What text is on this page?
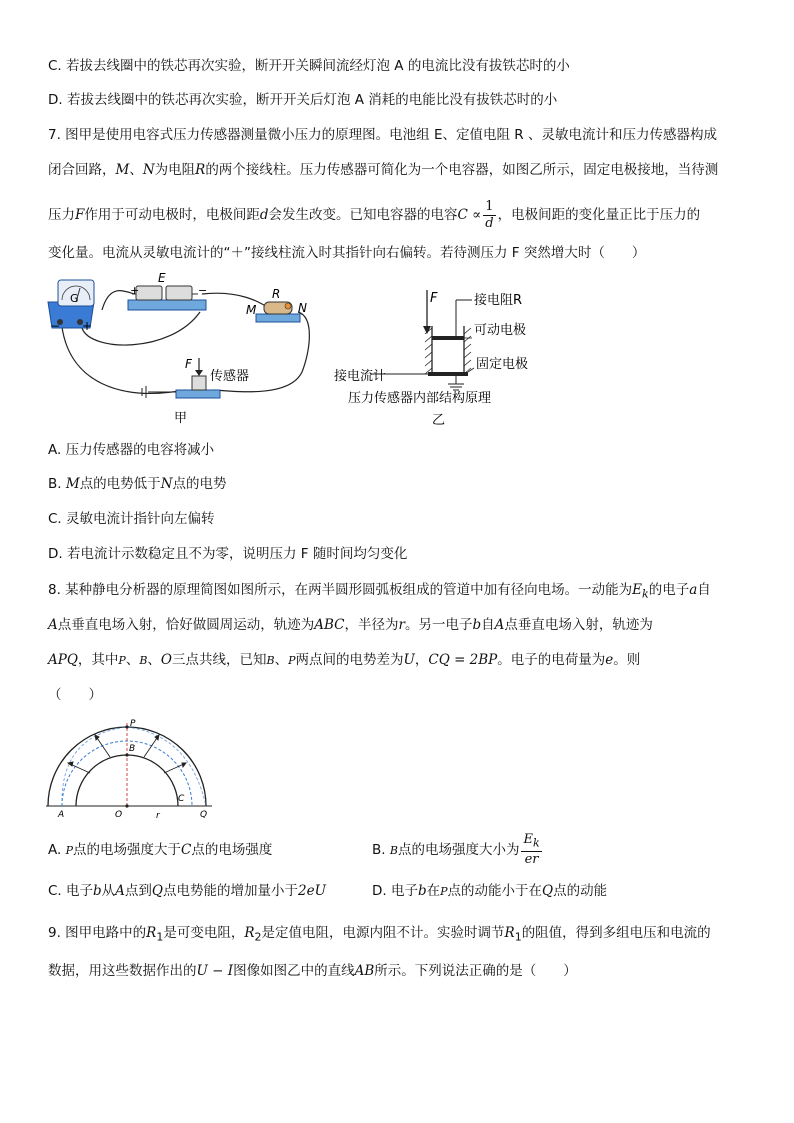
C. 若拔去线圈中的铁芯再次实验，断开开关瞬间流经灯泡 A 的电流比没有拔铁芯时的小
D. 若拔去线圈中的铁芯再次实验，断开开关后灯泡 A 消耗的电能比没有拔铁芯时的小
7. 图甲是使用电容式压力传感器测量微小压力的原理图。电池组 E、定值电阻 R 、灵敏电流计和压力传感器构成
闭合回路，M、N为电阻R的两个接线柱。压力传感器可简化为一个电容器，如图乙所示，固定电极接地，当待测
压力F作用于可动电极时，电极间距d会发生改变。已知电容器的电容$C \propto \frac{1}{d}$ ，电极间距的变化量正比于压力的
变化量。电流从灵敏电流计的“＋”接线柱流入时其指针向右偏转。若待测压力 F 突然增大时（　　）
G
− +
+	−
E
R
M	N
F
传感器
甲
F	接电阻R
可动电极
固定电极
接电流计
压力传感器内部结构原理
乙
A. 压力传感器的电容将减小
B. M点的电势低于N点的电势
C. 灵敏电流计指针向左偏转
D. 若电流计示数稳定且不为零，说明压力 F 随时间均匀变化
8. 某种静电分析器的原理简图如图所示，在两半圆形圆弧板组成的管道中加有径向电场。一动能为$E_k$的电子a自
A点垂直电场入射，恰好做圆周运动，轨迹为ABC，半径为r。另一电子b自A点垂直电场入射，轨迹为
APQ，其中P、B、O三点共线，已知B、P两点间的电势差为U，CQ = 2BP。电子的电荷量为e。则
（　　）
P
B
A	O	r
C
Q
A. P点的电场强度大于C点的电场强度	B. B点的电场强度大小为 $\frac{E_k}{er}$
C. 电子b从A点到Q点电势能的增加量小于2eU	D. 电子b在P点的动能小于在Q点的动能
9. 图甲电路中的$R_1$是可变电阻，$R_2$是定值电阻，电源内阻不计。实验时调节$R_1$的阻值，得到多组电压和电流的
数据，用这些数据作出的U − I图像如图乙中的直线AB所示。下列说法正确的是（　　）
